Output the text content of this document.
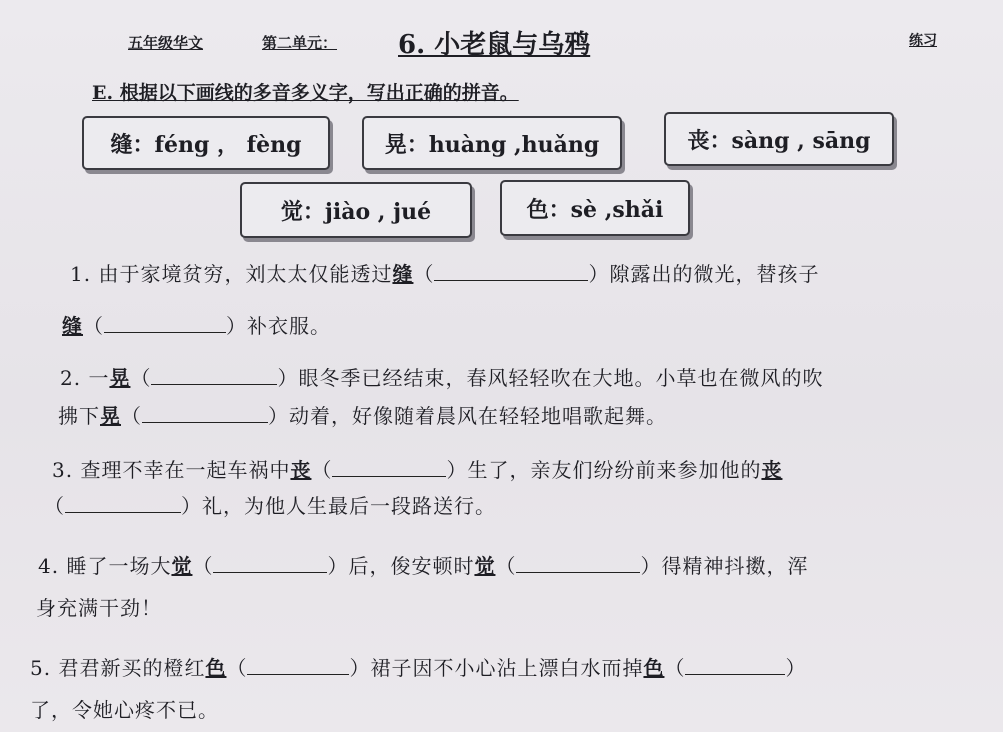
五年级华文	第二单元： 6. 小老鼠与乌鸦	练习
E. 根据以下画线的多音多义字，写出正确的拼音。
缝 ：féng ， fèng	晃 ：huàng ,huǎng	丧 ：sàng , sāng
觉 ：jiào , jué	色 ：sè ,shǎi
1. 由于家境贫穷，刘太太仅能透过缝（	）隙露出的微光，替孩子
缝（	）补衣服。
2. 一晃（	）眼冬季已经结束，春风轻轻吹在大地。小草也在微风的吹
拂下晃（	）动着，好像随着晨风在轻轻地唱歌起舞。
3. 查理不幸在一起车祸中丧（	）生了，亲友们纷纷前来参加他的丧
（	）礼，为他人生最后一段路送行。
4. 睡了一场大觉（	）后，俊安顿时觉（	）得精神抖擞，浑
身充满干劲！
5. 君君新买的橙红色（	）裙子因不小心沾上漂白水而掉色（	）
了，令她心疼不已。
